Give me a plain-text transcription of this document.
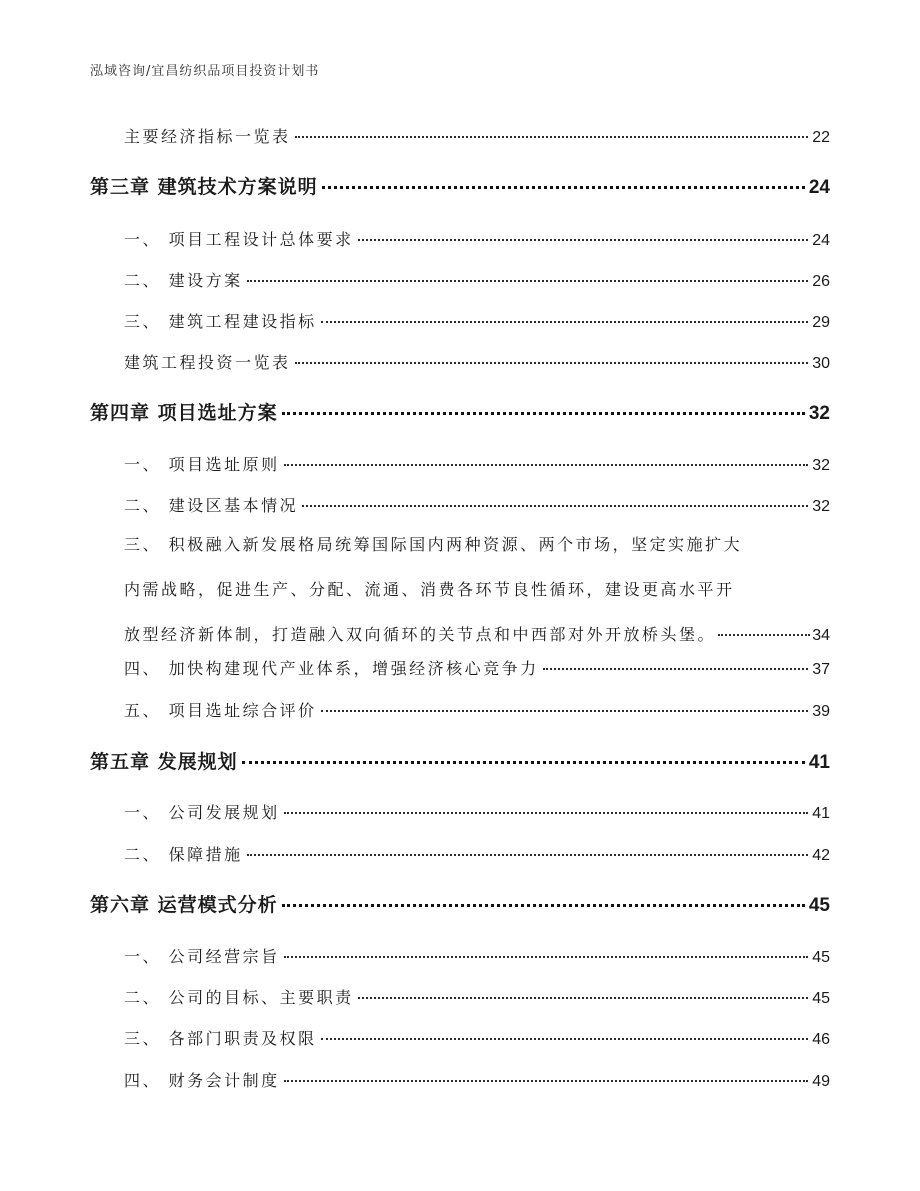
泓域咨询/宜昌纺织品项目投资计划书
主要经济指标一览表	22
第三章 建筑技术方案说明	24
一、 项目工程设计总体要求	24
二、 建设方案	26
三、 建筑工程建设指标	29
建筑工程投资一览表	30
第四章 项目选址方案	32
一、 项目选址原则	32
二、 建设区基本情况	32
三、 积极融入新发展格局统筹国际国内两种资源、两个市场，坚定实施扩大
内需战略，促进生产、分配、流通、消费各环节良性循环，建设更高水平开
放型经济新体制，打造融入双向循环的关节点和中西部对外开放桥头堡。	34
四、 加快构建现代产业体系，增强经济核心竞争力	37
五、 项目选址综合评价	39
第五章 发展规划	41
一、 公司发展规划	41
二、 保障措施	42
第六章 运营模式分析	45
一、 公司经营宗旨	45
二、 公司的目标、主要职责	45
三、 各部门职责及权限	46
四、 财务会计制度	49
